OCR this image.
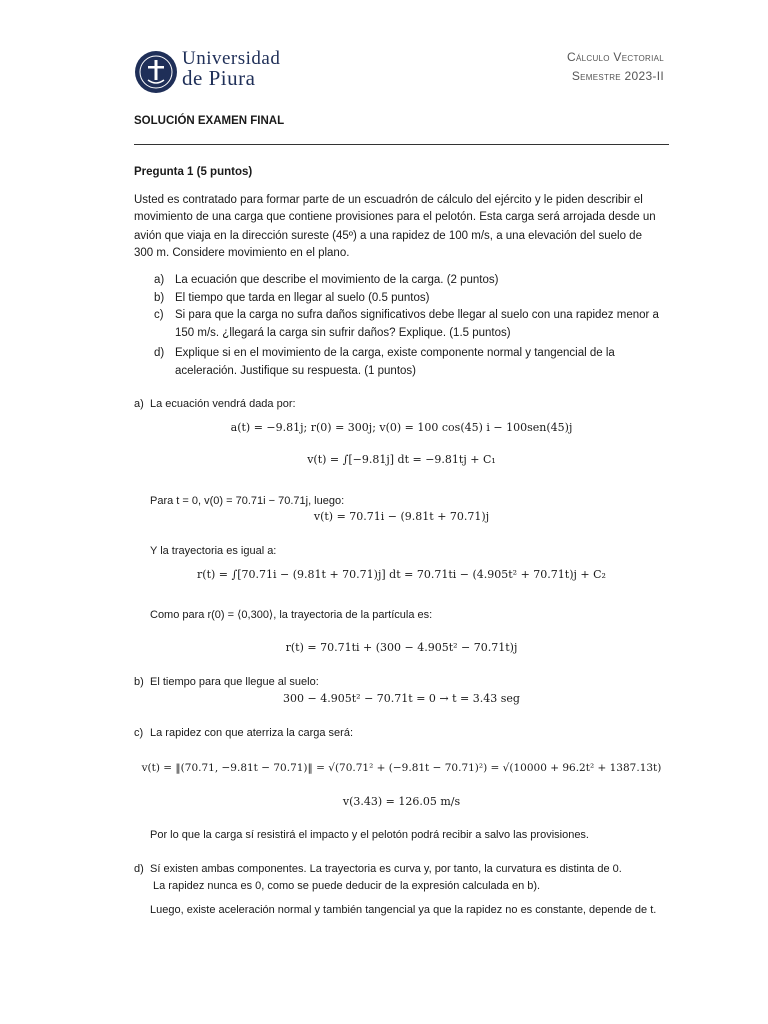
Universidad
de Piura
Cálculo Vectorial
Semestre 2023-II
SOLUCIÓN EXAMEN FINAL
Pregunta 1 (5 puntos)
Usted es contratado para formar parte de un escuadrón de cálculo del ejército y le piden describir el
movimiento de una carga que contiene provisiones para el pelotón. Esta carga será arrojada desde un
avión que viaja en la dirección sureste (45º) a una rapidez de 100 m/s, a una elevación del suelo de
300 m. Considere movimiento en el plano.
a) La ecuación que describe el movimiento de la carga. (2 puntos)
b) El tiempo que tarda en llegar al suelo (0.5 puntos)
c) Si para que la carga no sufra daños significativos debe llegar al suelo con una rapidez menor a
150 m/s. ¿llegará la carga sin sufrir daños? Explique. (1.5 puntos)
d) Explique si en el movimiento de la carga, existe componente normal y tangencial de la
aceleración. Justifique su respuesta. (1 puntos)
a) La ecuación vendrá dada por:
a(t) = −9.81j; r(0) = 300j; v(0) = 100 cos(45) i − 100sen(45)j
v(t) = ∫[−9.81j] dt = −9.81tj + C₁
Para t = 0, v(0) = 70.71i − 70.71j, luego:
v(t) = 70.71i − (9.81t + 70.71)j
Y la trayectoria es igual a:
r(t) = ∫[70.71i − (9.81t + 70.71)j] dt = 70.71ti − (4.905t² + 70.71t)j + C₂
Como para r(0) = ⟨0,300⟩, la trayectoria de la partícula es:
r(t) = 70.71ti + (300 − 4.905t² − 70.71t)j
b) El tiempo para que llegue al suelo:
300 − 4.905t² − 70.71t = 0 → t = 3.43 seg
c) La rapidez con que aterriza la carga será:
v(t) = ‖(70.71, −9.81t − 70.71)‖ = √(70.71² + (−9.81t − 70.71)²) = √(10000 + 96.2t² + 1387.13t)
v(3.43) = 126.05 m/s
Por lo que la carga sí resistirá el impacto y el pelotón podrá recibir a salvo las provisiones.
d) Sí existen ambas componentes. La trayectoria es curva y, por tanto, la curvatura es distinta de 0.
La rapidez nunca es 0, como se puede deducir de la expresión calculada en b).
Luego, existe aceleración normal y también tangencial ya que la rapidez no es constante, depende de t.
